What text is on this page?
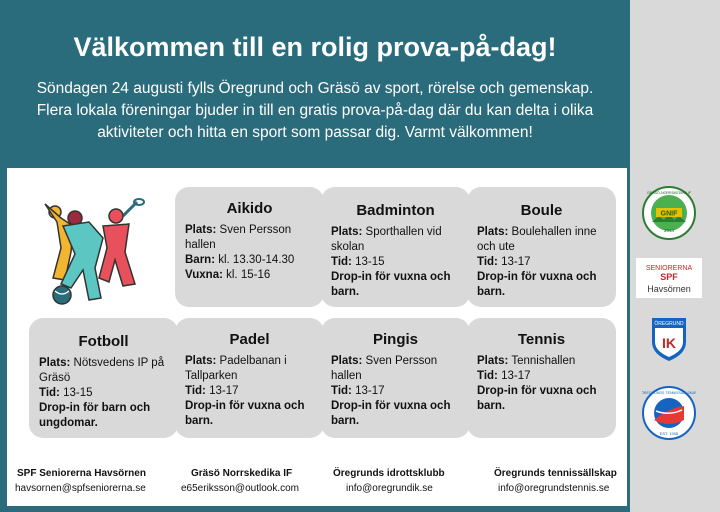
Välkommen till en rolig prova-på-dag!
Söndagen 24 augusti fylls Öregrund och Gräsö av sport, rörelse och gemenskap. Flera lokala föreningar bjuder in till en gratis prova-på-dag där du kan delta i olika aktiviteter och hitta en sport som passar dig. Varmt välkommen!
GNIF
2014
GRÄSÖ-NORRSKEDIKA IF
SENIORERNA
SPF
Havsörnen
ÖREGRUND
IK
ÖREGRUNDS TENNISSÄLLSKAP
EST. 1905
Aikido
Plats: Sven Persson hallen
Barn: kl. 13.30-14.30
Vuxna: kl. 15-16
Badminton
Plats: Sporthallen vid skolan
Tid: 13-15
Drop-in för vuxna och barn.
Boule
Plats: Boulehallen inne och ute
Tid: 13-17
Drop-in för vuxna och barn.
Fotboll
Plats: Nötsvedens IP på Gräsö
Tid: 13-15
Drop-in för barn och ungdomar.
Padel
Plats: Padelbanan i Tallparken
Tid: 13-17
Drop-in för vuxna och barn.
Pingis
Plats: Sven Persson hallen
Tid: 13-17
Drop-in för vuxna och barn.
Tennis
Plats: Tennishallen
Tid: 13-17
Drop-in för vuxna och barn.
SPF Seniorerna Havsörnen
havsornen@spfseniorerna.se
Gräsö Norrskedika IF
e65eriksson@outlook.com
Öregrunds idrottsklubb
info@oregrundik.se
Öregrunds tennissällskap
info@oregrundstennis.se
